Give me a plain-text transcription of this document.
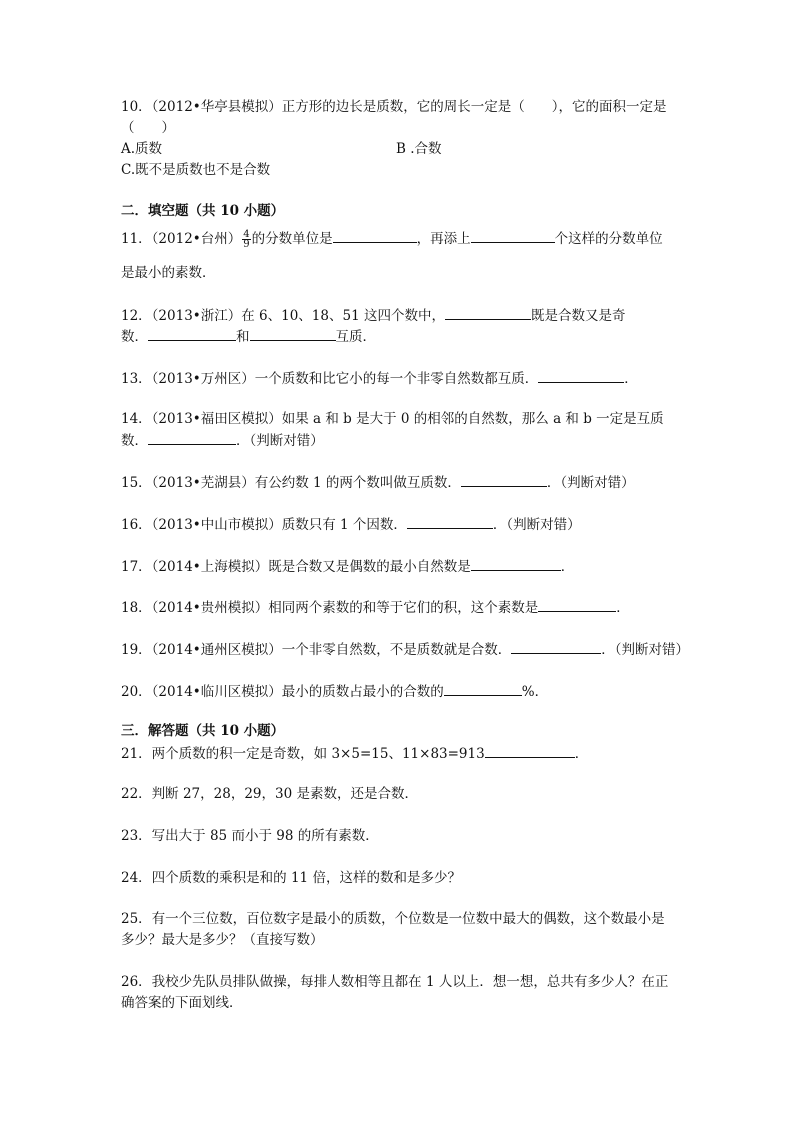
10．（2012•华亭县模拟）正方形的边长是质数，它的周长一定是（　　），它的面积一定是
（　　）
A.质数	B .合数
C.既不是质数也不是合数
二．填空题（共 10 小题）
11．（2012•台州） $\frac{4}{9}$ 的分数单位是	，再添上	个这样的分数单位
是最小的素数．
12．（2013•浙江）在 6、10、18、51 这四个数中，	既是合数又是奇
数．	和	互质．
13．（2013•万州区）一个质数和比它小的每一个非零自然数都互质．	．
14．（2013•福田区模拟）如果 a 和 b 是大于 0 的相邻的自然数，那么 a 和 b 一定是互质
数．	．（判断对错）
15．（2013•芜湖县）有公约数 1 的两个数叫做互质数．	．（判断对错）
16．（2013•中山市模拟）质数只有 1 个因数．	．（判断对错）
17．（2014•上海模拟）既是合数又是偶数的最小自然数是	．
18．（2014•贵州模拟）相同两个素数的和等于它们的积，这个素数是	．
19．（2014•通州区模拟）一个非零自然数，不是质数就是合数．	．（判断对错）
20．（2014•临川区模拟）最小的质数占最小的合数的	%．
三．解答题（共 10 小题）
21．两个质数的积一定是奇数，如 3×5=15、11×83=913	．
22．判断 27，28，29，30 是素数，还是合数．
23．写出大于 85 而小于 98 的所有素数．
24．四个质数的乘积是和的 11 倍，这样的数和是多少？
25．有一个三位数，百位数字是最小的质数，个位数是一位数中最大的偶数，这个数最小是
多少？最大是多少？（直接写数）
26．我校少先队员排队做操，每排人数相等且都在 1 人以上．想一想，总共有多少人？在正
确答案的下面划线．
